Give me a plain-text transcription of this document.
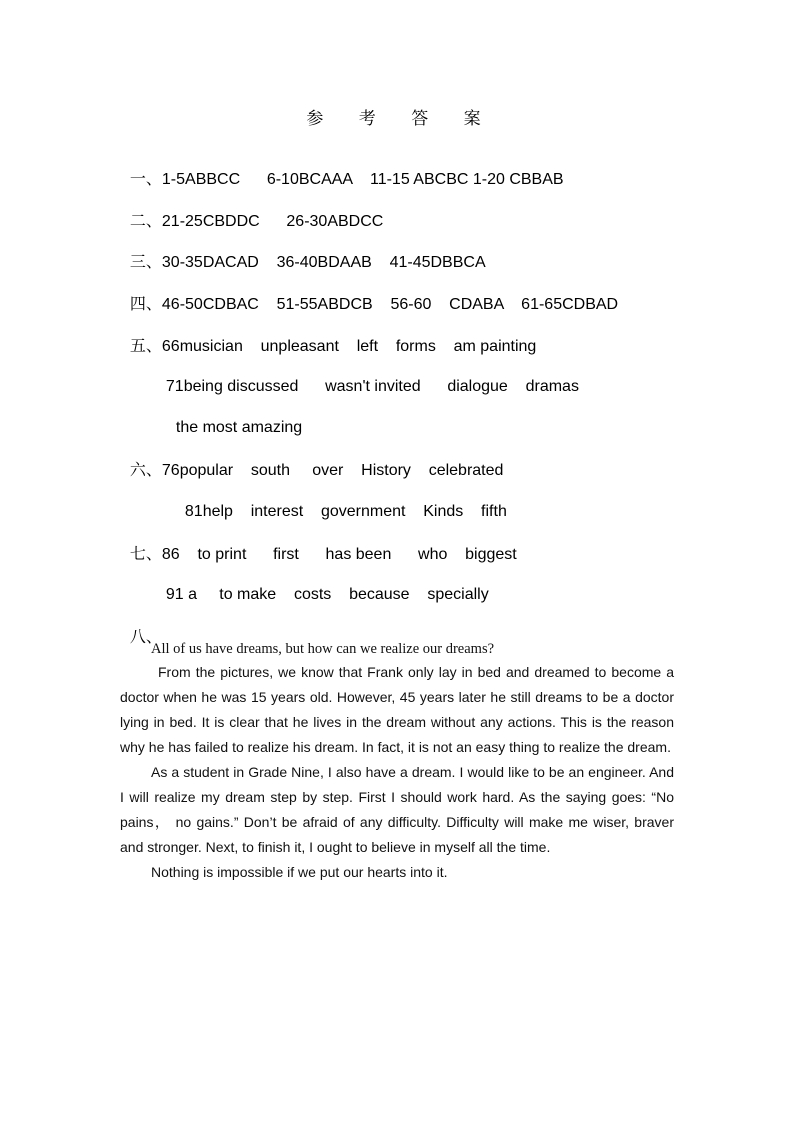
参 考 答 案

一、1-5ABBCC      6-10BCAAA    11-15 ABCBC 1-20 CBBAB

二、21-25CBDDC      26-30ABDCC

三、30-35DACAD    36-40BDAAB    41-45DBBCA

四、46-50CDBAC    51-55ABDCB    56-60    CDABA    61-65CDBAD

五、66musician    unpleasant    left    forms    am painting

71being discussed      wasn't invited      dialogue    dramas

the most amazing

六、76popular    south     over    History    celebrated

81help    interest    government    Kinds    fifth

七、86    to print      first      has been      who    biggest

91 a     to make    costs    because    specially

八、

All of us have dreams, but how can we realize our dreams?

From the pictures, we know that Frank only lay in bed and dreamed to become a doctor when he was 15 years old. However, 45 years later he still dreams to be a doctor lying in bed. It is clear that he lives in the dream without any actions. This is the reason why he has failed to realize his dream. In fact, it is not an easy thing to realize the dream.

As a student in Grade Nine, I also have a dream. I would like to be an engineer. And I will realize my dream step by step. First I should work hard. As the saying goes: “No pains， no gains.” Don’t be afraid of any difficulty. Difficulty will make me wiser, braver and stronger. Next, to finish it, I ought to believe in myself all the time.

Nothing is impossible if we put our hearts into it.
